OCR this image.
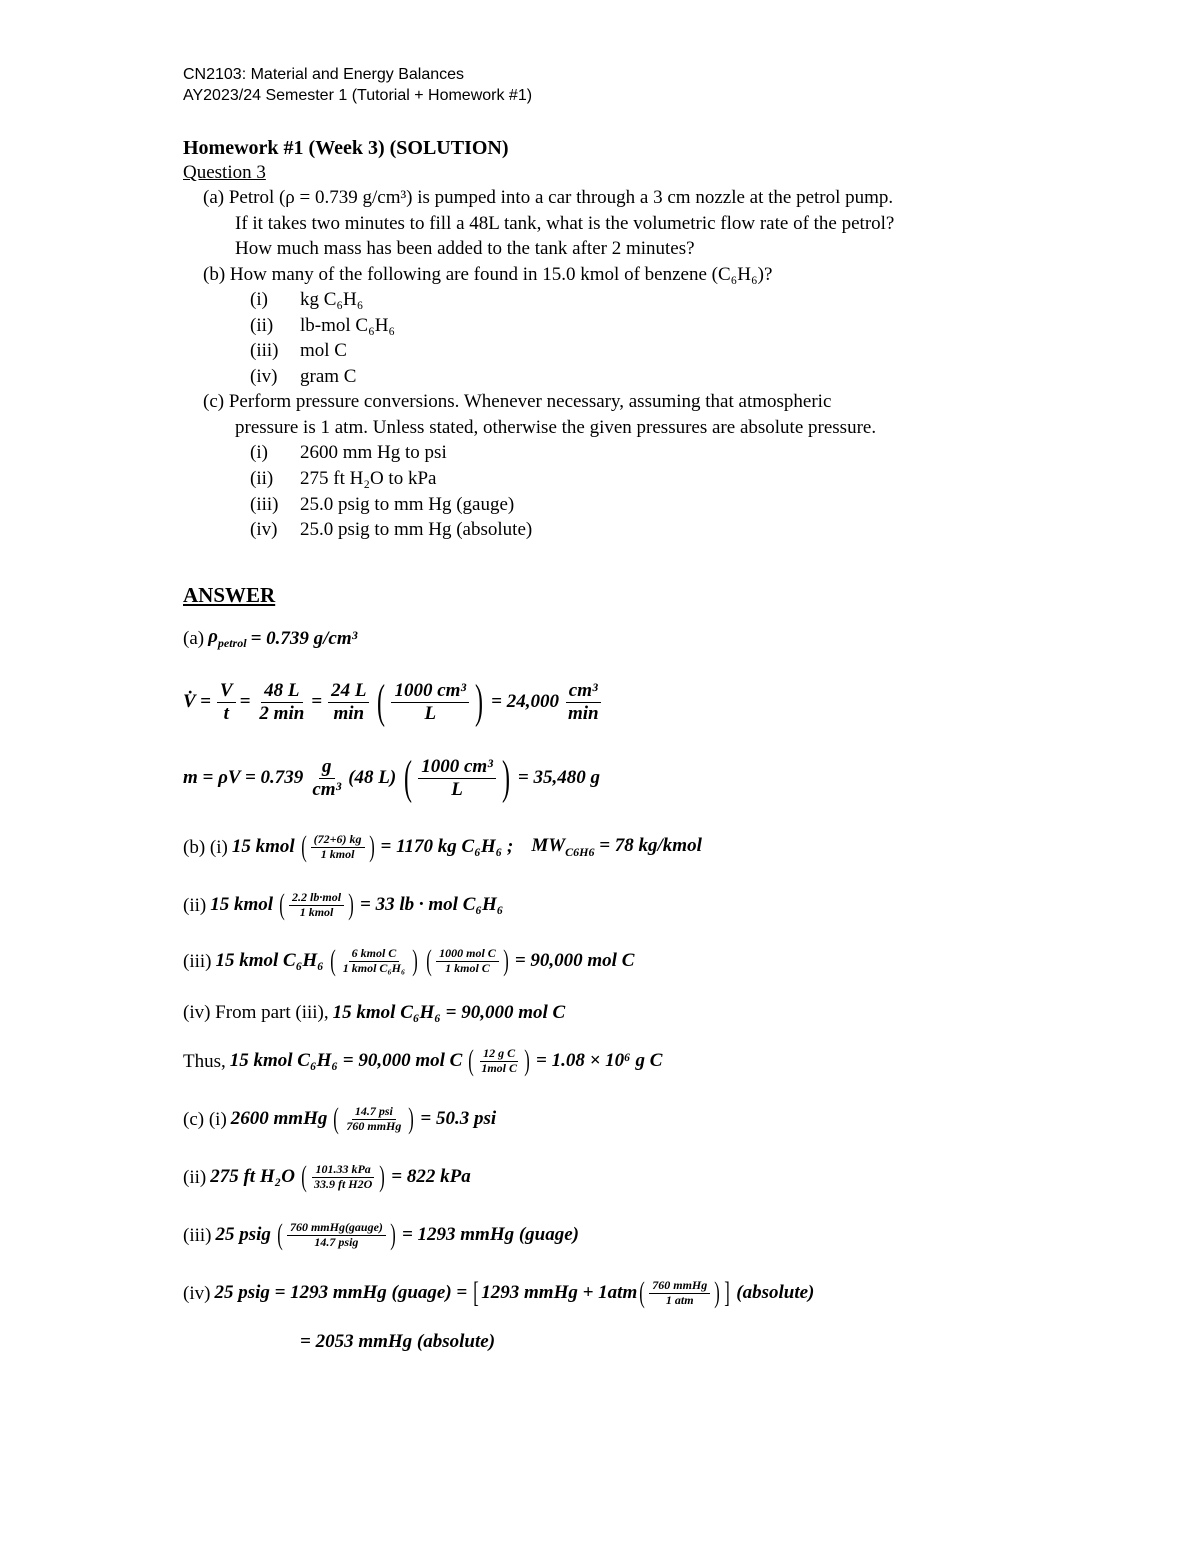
CN2103: Material and Energy Balances
AY2023/24 Semester 1 (Tutorial + Homework #1)
Homework #1 (Week 3) (SOLUTION)
Question 3
(a) Petrol (ρ = 0.739 g/cm³) is pumped into a car through a 3 cm nozzle at the petrol pump.
If it takes two minutes to fill a 48L tank, what is the volumetric flow rate of the petrol?
How much mass has been added to the tank after 2 minutes?
(b) How many of the following are found in 15.0 kmol of benzene (C₆H₆)?
(i) kg C₆H₆
(ii) lb-mol C₆H₆
(iii) mol C
(iv) gram C
(c) Perform pressure conversions. Whenever necessary, assuming that atmospheric
pressure is 1 atm. Unless stated, otherwise the given pressures are absolute pressure.
(i) 2600 mm Hg to psi
(ii) 275 ft H₂O to kPa
(iii) 25.0 psig to mm Hg (gauge)
(iv) 25.0 psig to mm Hg (absolute)
ANSWER
(a) $\rho_{petrol} = 0.739$ g/cm³
V̇ = $\frac{V}{t} = \frac{48 L}{2 \min} = \frac{24 L}{\min}$ ( $\frac{\text{1000 cm³}}{L}$ ) = $24,000 \frac{\text{cm³}}{\min}$
$m = \rho V = 0.739 \frac{g}{\text{cm³}} (48$ L) ( $\frac{\text{1000 cm³}}{L}$ ) = 35,480 g
(b) (i) 15 kmol ( $\frac{(72+6) kg}{\text{1 kmol}}$ ) = 1170 kg C₆H₆ ; $MW_{C6H6} = 78$ kg/kmol
(ii) 15 kmol ( $\frac{\text{2.2 lb·mol}}{\text{1 kmol}}$ ) = 33 lb · mol C₆H₆
(iii) 15 kmol C₆H₆ ( $\frac{\text{6 kmol C}}{\text{1 kmol C₆H₆}}$ ) ( $\frac{\text{1000 mol C}}{\text{1 kmol C}}$ ) = 90,000 mol C
(iv) From part (iii), 15 kmol C₆H₆ = 90,000 mol C
Thus, 15 kmol C₆H₆ = 90,000 mol C ( $\frac{\text{12 g C}}{\text{1mol C}}$ ) = 1.08 × 10⁶ g C
(c) (i) 2600 mmHg ( $\frac{\text{14.7 psi}}{\text{760 mmHg}}$ ) = 50.3 psi
(ii) 275 ft H₂O ( $\frac{\text{101.33 kPa}}{\text{33.9 ft H2O}}$ ) = 822 kPa
(iii) 25 psig ( $\frac{\text{760 mmHg(gauge)}}{\text{14.7 psig}}$ ) = 1293 mmHg (guage)
(iv) 25 psig = 1293 mmHg (guage) = [ 1293 mmHg + 1atm ( $\frac{\text{760 mmHg}}{\text{1 atm}}$ ) ] (absolute)
= 2053 mmHg (absolute)
